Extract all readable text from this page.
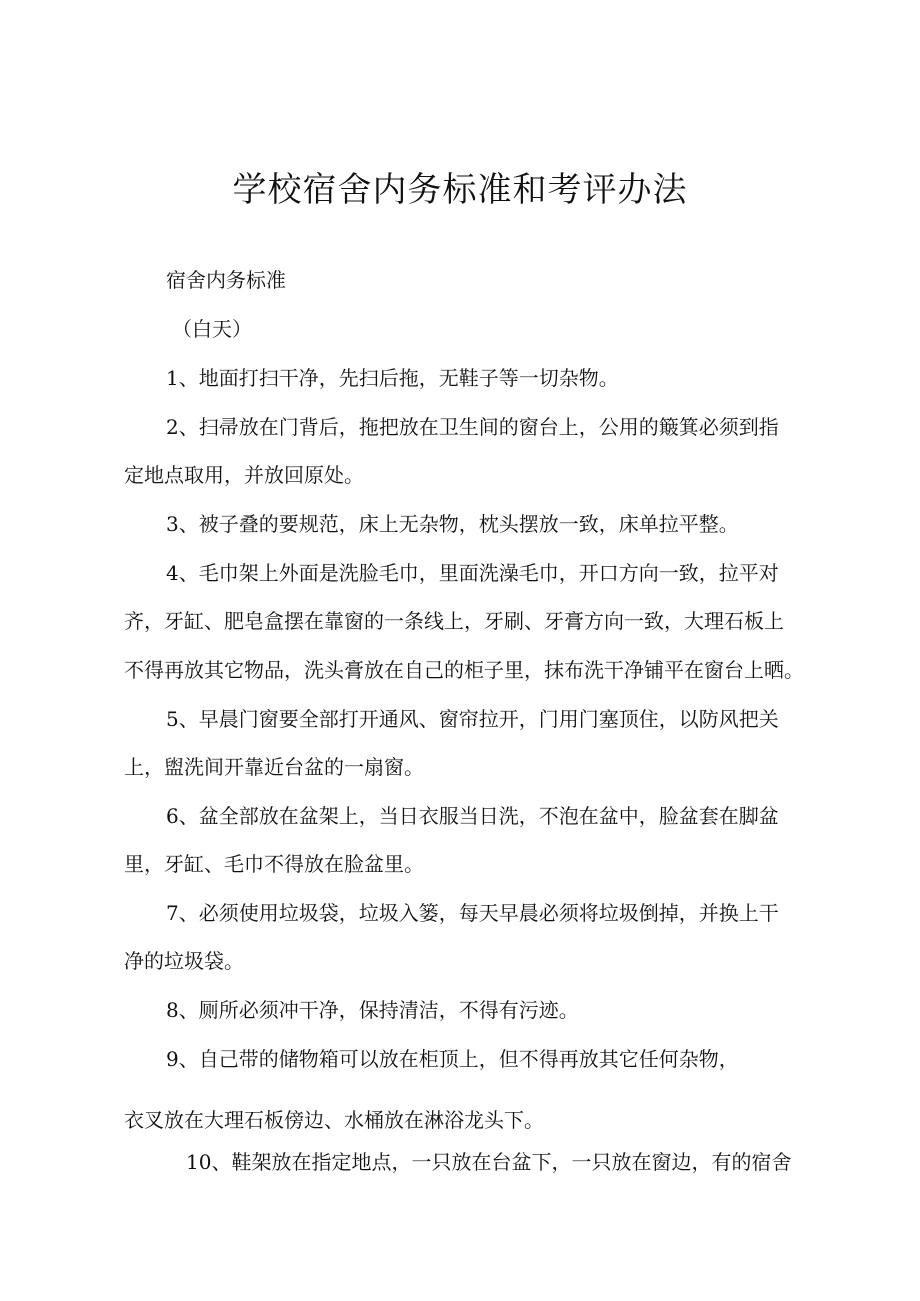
学校宿舍内务标准和考评办法

宿舍内务标准

（白天）

1、地面打扫干净，先扫后拖，无鞋子等一切杂物。

2、扫帚放在门背后，拖把放在卫生间的窗台上，公用的簸箕必须到指

定地点取用，并放回原处。

3、被子叠的要规范，床上无杂物，枕头摆放一致，床单拉平整。

4、毛巾架上外面是洗脸毛巾，里面洗澡毛巾，开口方向一致，拉平对

齐，牙缸、肥皂盒摆在靠窗的一条线上，牙刷、牙膏方向一致，大理石板上

不得再放其它物品，洗头膏放在自己的柜子里，抹布洗干净铺平在窗台上晒。

5、早晨门窗要全部打开通风、窗帘拉开，门用门塞顶住，以防风把关

上，盥洗间开靠近台盆的一扇窗。

6、盆全部放在盆架上，当日衣服当日洗，不泡在盆中，脸盆套在脚盆

里，牙缸、毛巾不得放在脸盆里。

7、必须使用垃圾袋，垃圾入篓，每天早晨必须将垃圾倒掉，并换上干

净的垃圾袋。

8、厕所必须冲干净，保持清洁，不得有污迹。

9、自己带的储物箱可以放在柜顶上，但不得再放其它任何杂物，

衣叉放在大理石板傍边、水桶放在淋浴龙头下。

10、鞋架放在指定地点，一只放在台盆下，一只放在窗边，有的宿舍
